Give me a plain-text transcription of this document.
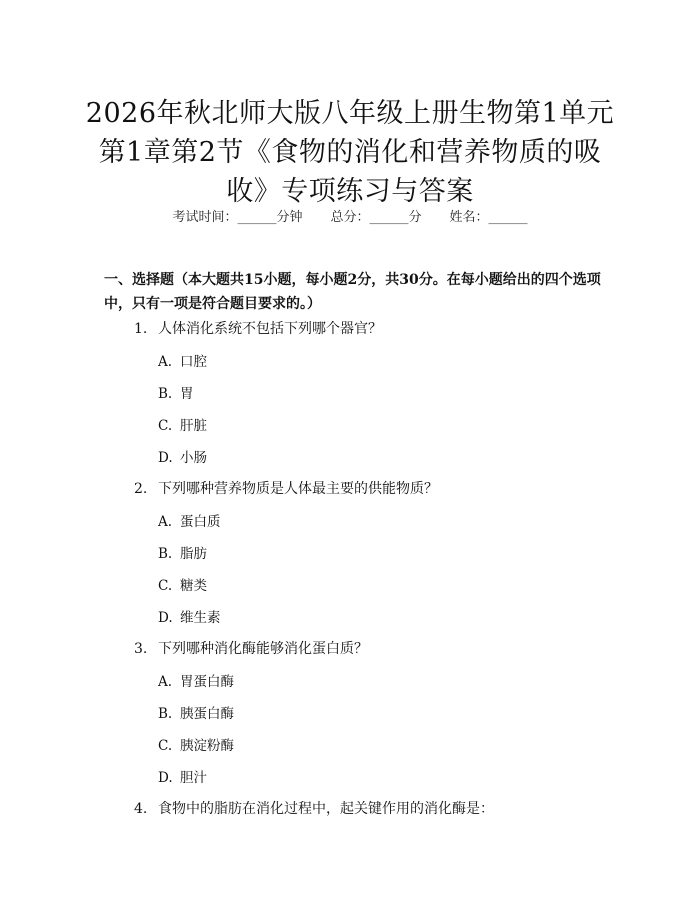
2026年秋北师大版八年级上册生物第1单元
第1章第2节《食物的消化和营养物质的吸
收》专项练习与答案
考试时间：______分钟 总分：______分 姓名：______
一、选择题（本大题共15小题，每小题2分，共30分。在每小题给出的四个选项中，只有一项是符合题目要求的。）
1. 人体消化系统不包括下列哪个器官？
A. 口腔
B. 胃
C. 肝脏
D. 小肠
2. 下列哪种营养物质是人体最主要的供能物质？
A. 蛋白质
B. 脂肪
C. 糖类
D. 维生素
3. 下列哪种消化酶能够消化蛋白质？
A. 胃蛋白酶
B. 胰蛋白酶
C. 胰淀粉酶
D. 胆汁
4. 食物中的脂肪在消化过程中，起关键作用的消化酶是：
